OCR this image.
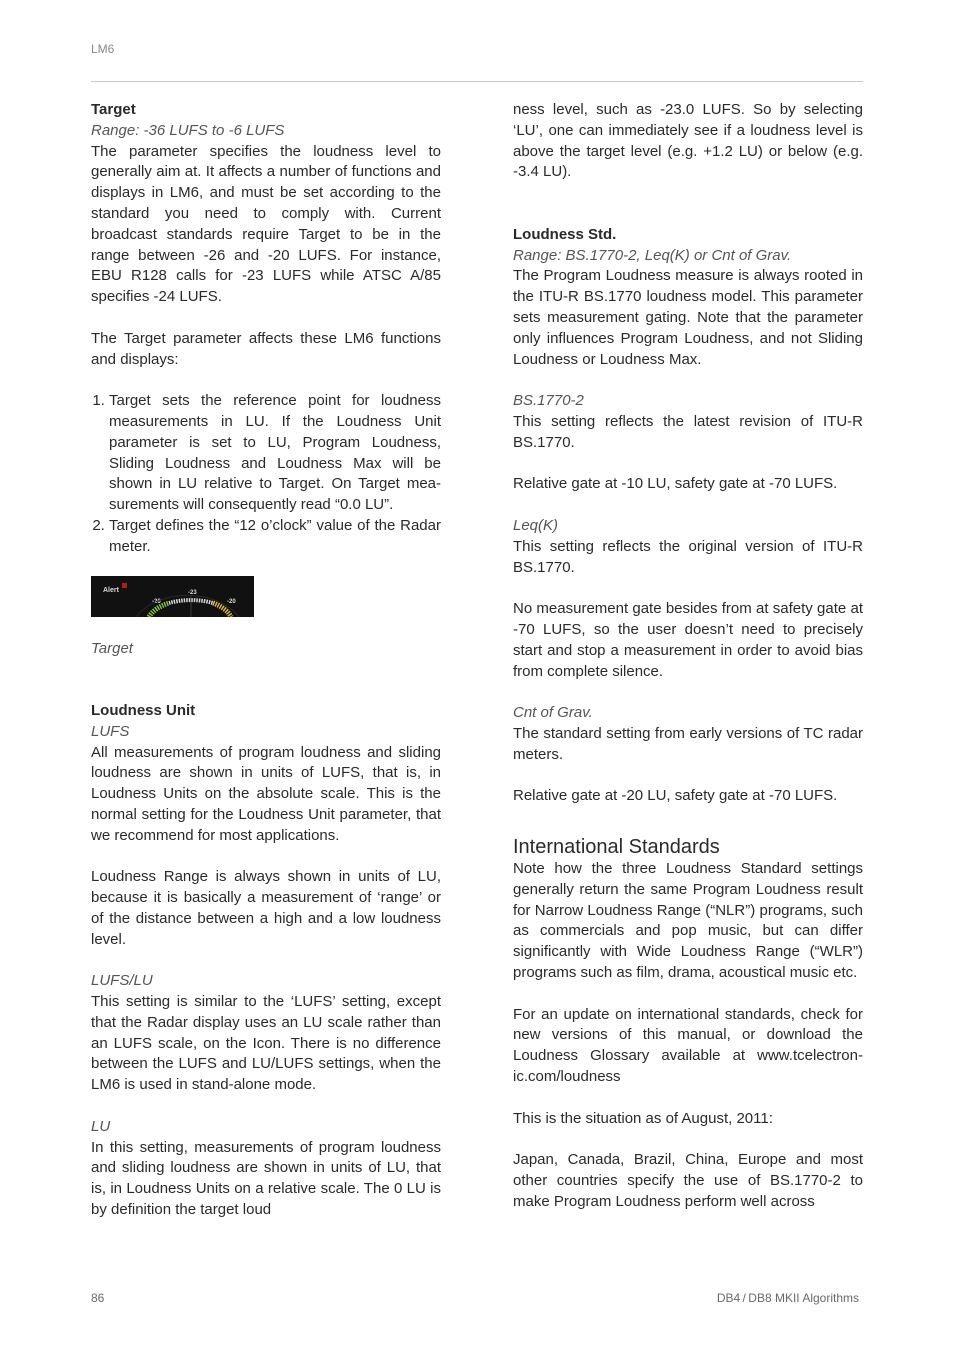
LM6

Target

Range: -36 LUFS to -6 LUFS

The parameter specifies the loudness level to generally aim at. It affects a number of functions and displays in LM6, and must be set according to the standard you need to comply with. Current broadcast standards require Target to be in the range between -26 and -20 LUFS. For instance, EBU R128 calls for -23 LUFS while ATSC A/85 specifies -24 LUFS.

The Target parameter affects these LM6 functions and displays:

1. Target sets the reference point for loudness measurements in LU. If the Loudness Unit parameter is set to LU, Program Loudness, Sliding Loudness and Loudness Max will be shown in LU relative to Target. On Target measurements will consequently read “0.0 LU”.
2. Target defines the “12 o’clock” value of the Radar meter.
Alert
-26
-23
-20

Target

Loudness Unit

LUFS

All measurements of program loudness and sliding loudness are shown in units of LUFS, that is, in Loudness Units on the absolute scale. This is the normal setting for the Loudness Unit parameter, that we recommend for most applications.

Loudness Range is always shown in units of LU, because it is basically a measurement of ‘range’ or of the distance between a high and a low loudness level.

LUFS/LU

This setting is similar to the ‘LUFS’ setting, except that the Radar display uses an LU scale rather than an LUFS scale, on the Icon. There is no difference between the LUFS and LU/LUFS settings, when the LM6 is used in stand-alone mode.

LU

In this setting, measurements of program loudness and sliding loudness are shown in units of LU, that is, in Loudness Units on a relative scale. The 0 LU is by definition the target loud

ness level, such as -23.0 LUFS. So by selecting ‘LU’, one can immediately see if a loudness level is above the target level (e.g. +1.2 LU) or below (e.g. -3.4 LU).

Loudness Std.

Range: BS.1770-2, Leq(K) or Cnt of Grav.

The Program Loudness measure is always rooted in the ITU-R BS.1770 loudness model. This parameter sets measurement gating. Note that the parameter only influences Program Loudness, and not Sliding Loudness or Loudness Max.

BS.1770-2

This setting reflects the latest revision of ITU-R BS.1770.

Relative gate at -10 LU, safety gate at -70 LUFS.

Leq(K)

This setting reflects the original version of ITU-R BS.1770.

No measurement gate besides from at safety gate at -70 LUFS, so the user doesn’t need to precisely start and stop a measurement in order to avoid bias from complete silence.

Cnt of Grav.

The standard setting from early versions of TC radar meters.

Relative gate at -20 LU, safety gate at -70 LUFS.

International Standards

Note how the three Loudness Standard settings generally return the same Program Loudness result for Narrow Loudness Range (“NLR”) programs, such as commercials and pop music, but can differ significantly with Wide Loudness Range (“WLR”) programs such as film, drama, acoustical music etc.

For an update on international standards, check for new versions of this manual, or download the Loudness Glossary available at www.tcelectronic.com/loudness

This is the situation as of August, 2011:

Japan, Canada, Brazil, China, Europe and most other countries specify the use of BS.1770-2 to make Program Loudness perform well across

86	DB4 / DB8 MKII Algorithms
